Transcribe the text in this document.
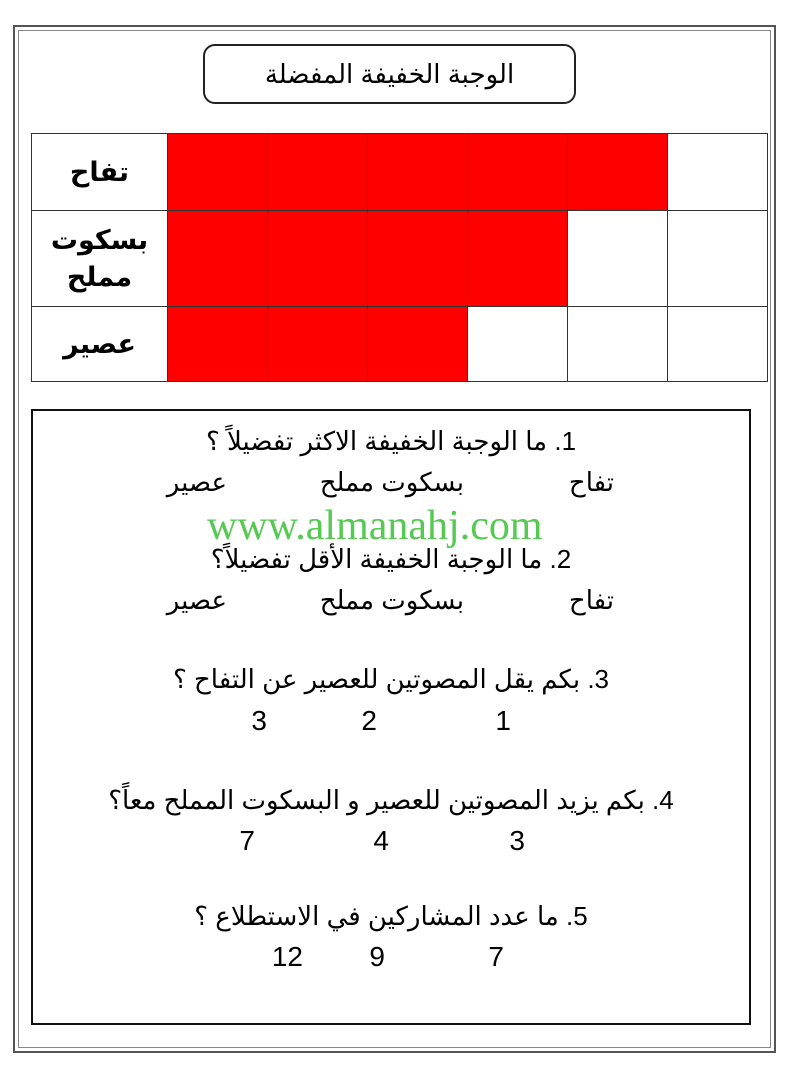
الوجبة الخفيفة المفضلة
تفاح						
بسكوت
مملح						
عصير						
1. ما الوجبة الخفيفة الاكثر تفضيلاً ؟
تفاح
بسكوت مملح
عصير
2. ما الوجبة الخفيفة الأقل تفضيلاً؟
تفاح
بسكوت مملح
عصير
3. بكم يقل المصوتين للعصير عن التفاح ؟
1
2
3
4. بكم يزيد المصوتين للعصير و البسكوت المملح معاً؟
3
4
7
5. ما عدد المشاركين في الاستطلاع ؟
7
9
12
www.almanahj.com
